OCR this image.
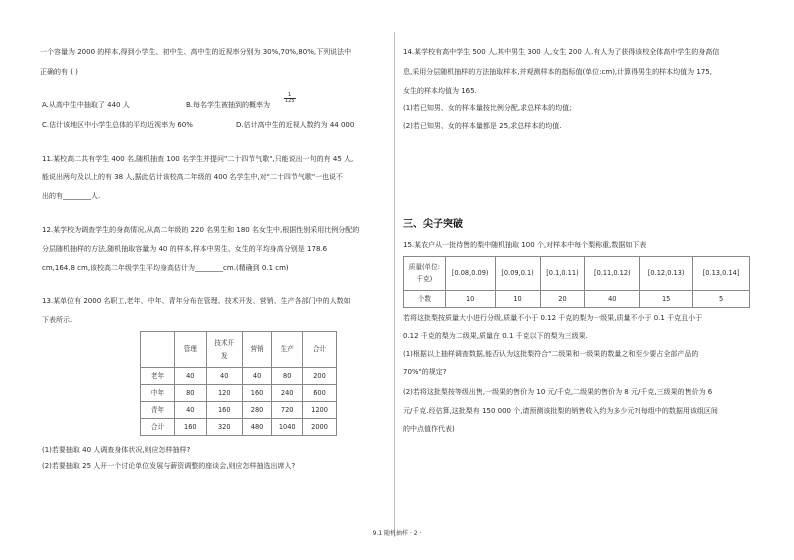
一个容量为 2000 的样本,得到小学生、初中生、高中生的近视率分别为 30%,70%,80%,下列说法中
正确的有 ( )
A.从高中生中抽取了 440 人	B.每名学生被抽到的概率为
$\frac{1}{125}$
C.估计该地区中小学生总体的平均近视率为 60%	D.估计高中生的近视人数约为 44 000
11.某校高二共有学生 400 名,随机抽查 100 名学生并提问"二十四节气歌",只能说出一句的有 45 人,
能说出两句及以上的有 38 人,据此估计该校高二年级的 400 名学生中,对"二十四节气歌"一也说不
出的有________人.
12.某学校为调查学生的身高情况,从高二年级的 220 名男生和 180 名女生中,根据性别采用比例分配的
分层随机抽样的方法,随机抽取容量为 40 的样本,样本中男生、女生的平均身高分别是 178.6
cm,164.8 cm,该校高二年级学生平均身高估计为________cm.(精确到 0.1 cm)
13.某单位有 2000 名职工,老年、中年、青年分布在管理、技术开发、营销、生产各部门中的人数如
下表所示.
	管理	技术开
发	营销	生产	合计
老年	40	40	40	80	200
中年	80	120	160	240	600
青年	40	160	280	720	1200
合计	160	320	480	1040	2000
(1)若要抽取 40 人调查身体状况,则应怎样抽样?
(2)若要抽取 25 人开一个讨论单位发展与薪资调整的座谈会,则应怎样抽选出席人?
14.某学校有高中学生 500 人,其中男生 300 人,女生 200 人.有人为了获得该校全体高中学生的身高信
息,采用分层随机抽样的方法抽取样本,并观测样本的指标值(单位:cm),计算得男生的样本均值为 175,
女生的样本均值为 165.
(1)若已知男、女的样本量按比例分配,求总样本的均值;
(2)若已知男、女的样本量都是 25,求总样本的均值.
三、尖子突破
15.某农户从一批待售的梨中随机抽取 100 个,对样本中每个梨称重,数据如下表
质量(单位:
千克)	[0.08,0.09)	[0.09,0.1)	[0.1,0.11)	[0.11,0.12)	[0.12,0.13)	[0.13,0.14]
个数	10	10	20	40	15	5
若将这批梨按质量大小进行分级,质量不小于 0.12 千克的梨为一级果,质量不小于 0.1 千克且小于
0.12 千克的梨为二级果,质量在 0.1 千克以下的梨为三级果.
(1)根据以上抽样调查数据,能否认为这批梨符合"二级果和一级果的数量之和至少要占全部产品的
70%"的规定?
(2)若将这批梨按等级出售,一级果的售价为 10 元/千克,二级果的售价为 8 元/千克,三级果的售价为 6
元/千克.经估算,这批梨有 150 000 个,请预测该批梨的销售收入约为多少元?(每组中的数据用该组区间
的中点值作代表)
9.1 随机抽样 · 2 ·
